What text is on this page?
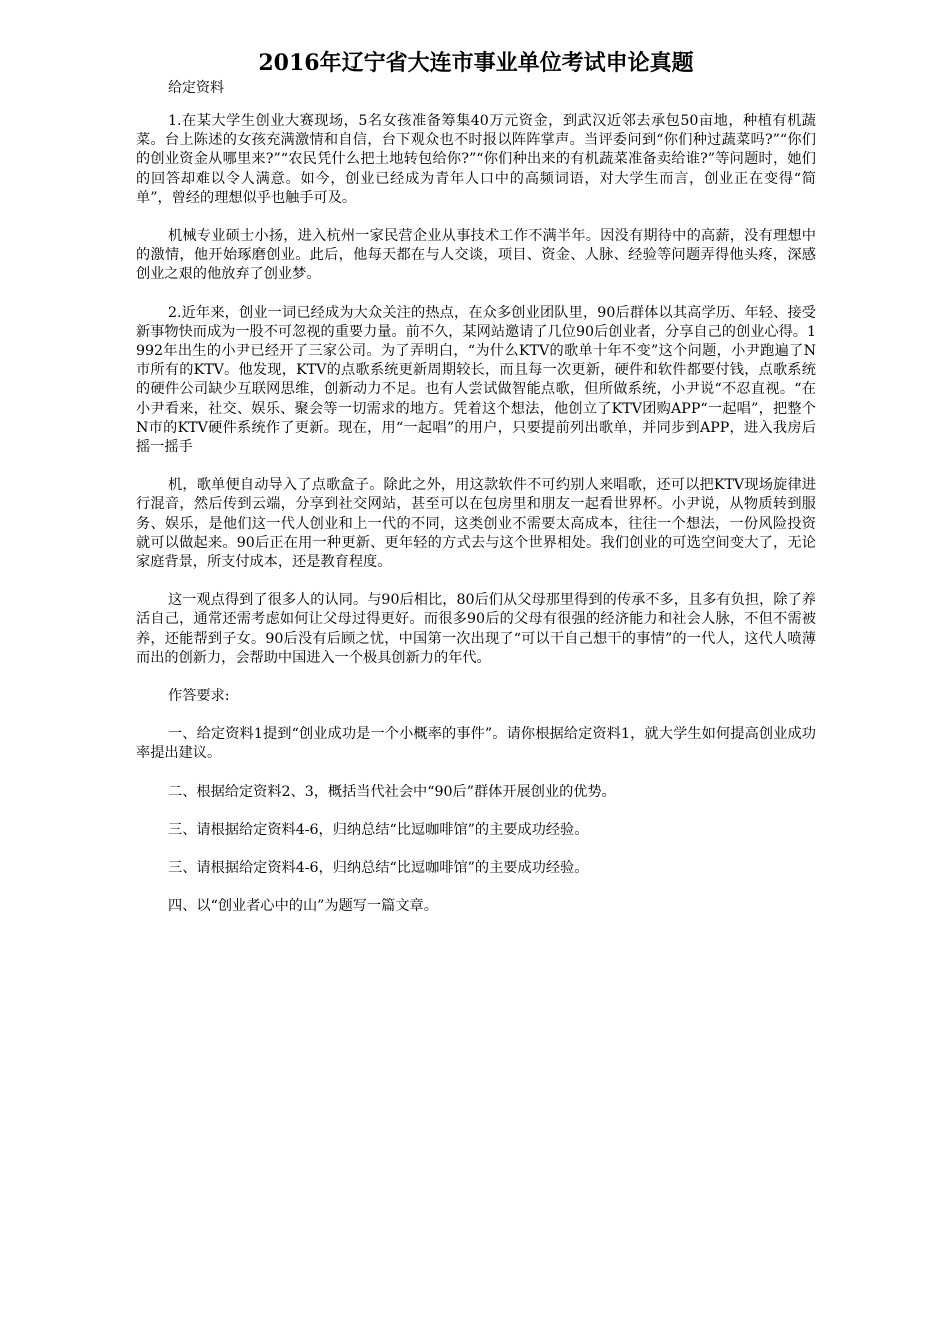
2016年辽宁省大连市事业单位考试申论真题
给定资料

1.在某大学生创业大赛现场，5名女孩准备筹集40万元资金，到武汉近邻去承包50亩地，种植有机蔬菜。台上陈述的女孩充满激情和自信，台下观众也不时报以阵阵掌声。当评委问到“你们种过蔬菜吗?”“你们的创业资金从哪里来?”“农民凭什么把土地转包给你?”“你们种出来的有机蔬菜准备卖给谁?”等问题时，她们的回答却难以令人满意。如今，创业已经成为青年人口中的高频词语，对大学生而言，创业正在变得“简单”，曾经的理想似乎也触手可及。

机械专业硕士小扬，进入杭州一家民营企业从事技术工作不满半年。因没有期待中的高薪，没有理想中的激情，他开始琢磨创业。此后，他每天都在与人交谈，项目、资金、人脉、经验等问题弄得他头疼，深感创业之艰的他放弃了创业梦。

2.近年来，创业一词已经成为大众关注的热点，在众多创业团队里，90后群体以其高学历、年轻、接受新事物快而成为一股不可忽视的重要力量。前不久，某网站邀请了几位90后创业者，分享自己的创业心得。1992年出生的小尹已经开了三家公司。为了弄明白，“为什么KTV的歌单十年不变”这个问题，小尹跑遍了N市所有的KTV。他发现，KTV的点歌系统更新周期较长，而且每一次更新，硬件和软件都要付钱，点歌系统的硬件公司缺少互联网思维，创新动力不足。也有人尝试做智能点歌，但所做系统，小尹说“不忍直视。“在小尹看来，社交、娱乐、聚会等一切需求的地方。凭着这个想法，他创立了KTV团购APP“一起唱”，把整个N市的KTV硬件系统作了更新。现在，用“一起唱”的用户，只要提前列出歌单，并同步到APP，进入我房后摇一摇手

机，歌单便自动导入了点歌盒子。除此之外，用这款软件不可约别人来唱歌，还可以把KTV现场旋律进行混音，然后传到云端，分享到社交网站，甚至可以在包房里和朋友一起看世界杯。小尹说，从物质转到服务、娱乐，是他们这一代人创业和上一代的不同，这类创业不需要太高成本，往往一个想法，一份风险投资就可以做起来。90后正在用一种更新、更年轻的方式去与这个世界相处。我们创业的可选空间变大了，无论家庭背景，所支付成本，还是教育程度。

这一观点得到了很多人的认同。与90后相比，80后们从父母那里得到的传承不多，且多有负担，除了养活自己，通常还需考虑如何让父母过得更好。而很多90后的父母有很强的经济能力和社会人脉，不但不需被养，还能帮到子女。90后没有后顾之忧，中国第一次出现了“可以干自己想干的事情”的一代人，这代人喷薄而出的创新力，会帮助中国进入一个极具创新力的年代。

作答要求:

一、给定资料1提到“创业成功是一个小概率的事件”。请你根据给定资料1，就大学生如何提高创业成功率提出建议。

二、根据给定资料2、3，概括当代社会中“90后”群体开展创业的优势。

三、请根据给定资料4-6，归纳总结“比逗咖啡馆”的主要成功经验。

三、请根据给定资料4-6，归纳总结“比逗咖啡馆”的主要成功经验。

四、以“创业者心中的山”为题写一篇文章。
